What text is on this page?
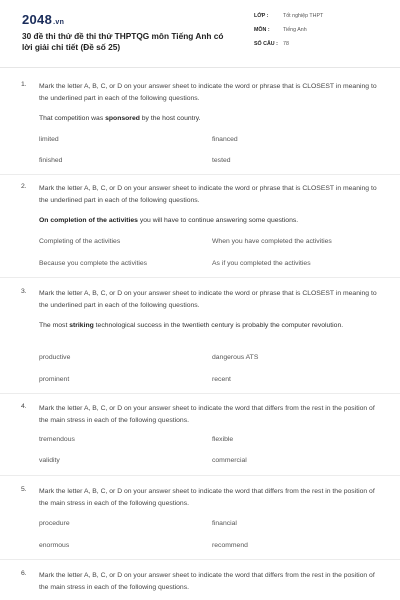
2048.vn
30 đề thi thử đề thi thử THPTQG môn Tiếng Anh có lời giải chi tiết (Đề số 25)
LỚP :	Tốt nghiệp THPT
MÔN :	Tiếng Anh
SỐ CÂU : 78
1. Mark the letter A, B, C, or D on your answer sheet to indicate the word or phrase that is CLOSEST in meaning to the underlined part in each of the following questions.
That competition was sponsored by the host country.
limited	financed
finished	tested
2. Mark the letter A, B, C, or D on your answer sheet to indicate the word or phrase that is CLOSEST in meaning to the underlined part in each of the following questions.
On completion of the activities you will have to continue answering some questions.
Completing of the activities	When you have completed the activities
Because you complete the activities	As if you completed the activities
3. Mark the letter A, B, C, or D on your answer sheet to indicate the word or phrase that is CLOSEST in meaning to the underlined part in each of the following questions.
The most striking technological success in the twentieth century is probably the computer revolution.
productive	dangerous ATS
prominent	recent
4. Mark the letter A, B, C, or D on your answer sheet to indicate the word that differs from the rest in the position of the main stress in each of the following questions.
tremendous	flexible
validity	commercial
5. Mark the letter A, B, C, or D on your answer sheet to indicate the word that differs from the rest in the position of the main stress in each of the following questions.
procedure	financial
enormous	recommend
6. Mark the letter A, B, C, or D on your answer sheet to indicate the word that differs from the rest in the position of the main stress in each of the following questions.
